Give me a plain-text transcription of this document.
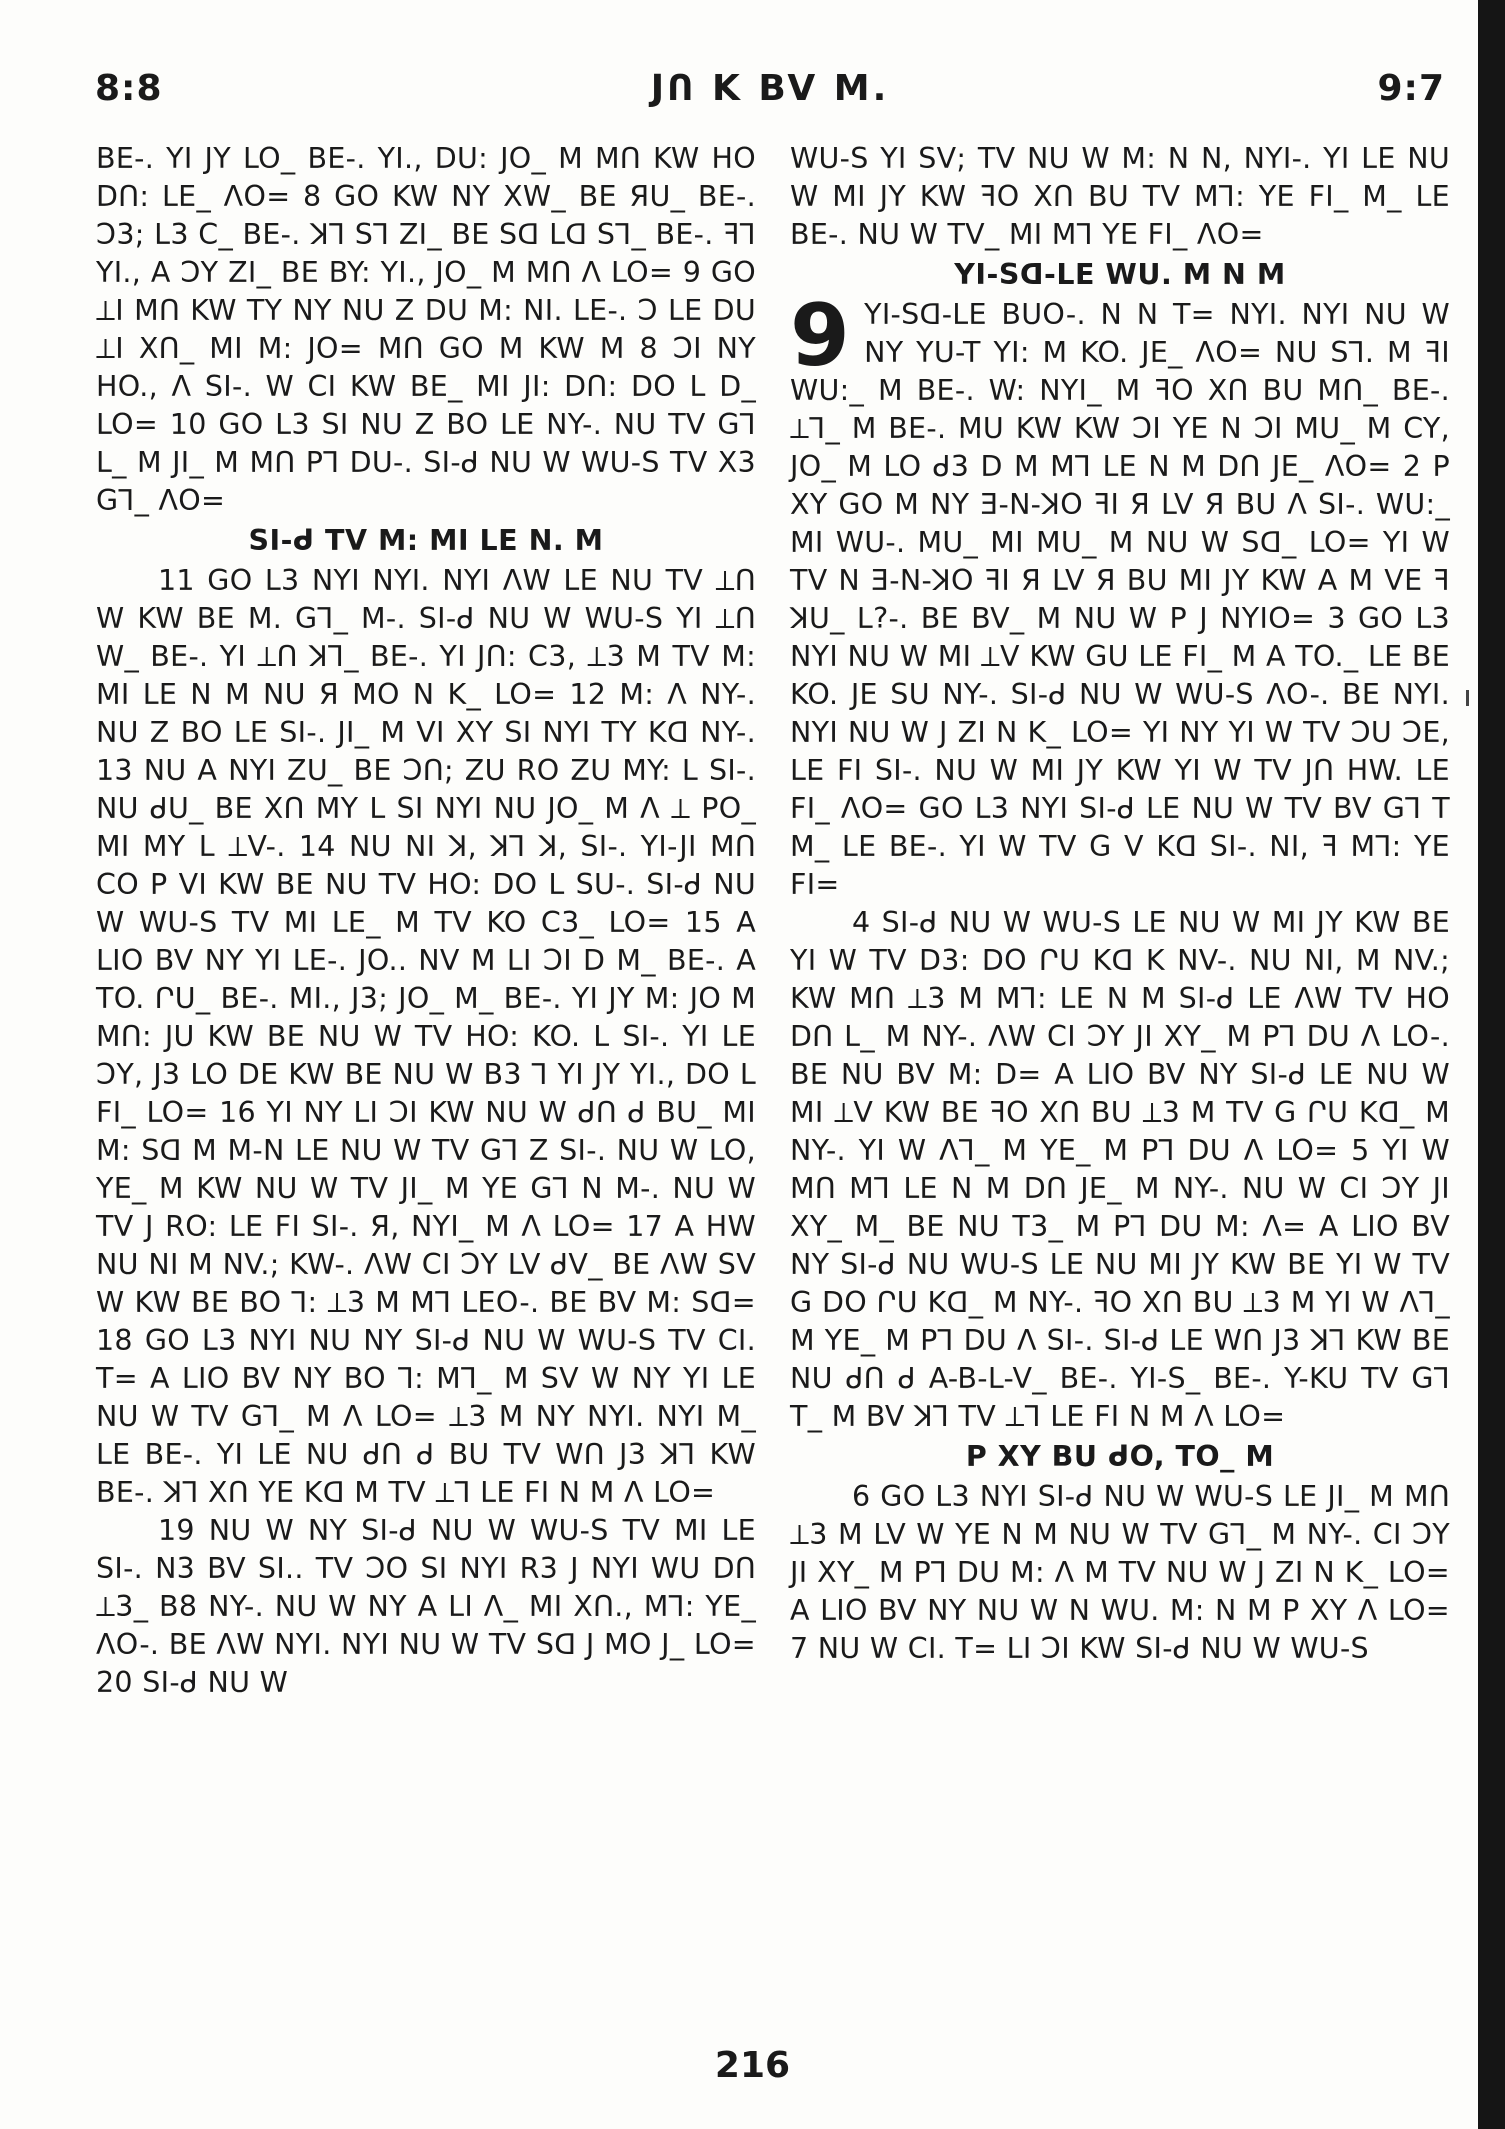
8:8	JՈ K BV M.	9:7

BE-. YI JY LO_ BE-. YI., DU: JO_ M MՈ KW HO DՈ: LE_ ΛO= 8 GO KW NY XW_ BE ЯU_ BE-. Ɔ3; L3 C_ BE-. ꓘ⅂ S⅂ ZI_ BE Sꓷ Lꓷ S⅂_ BE-. ꟻ⅂ YI., A ƆY ZI_ BE BY: YI., JO_ M MՈ Λ LO= 9 GO ⟂I MՈ KW TY NY NU Z DU M: NI. LE-. Ɔ LE DU ⟂I XՈ_ MI M: JO= MՈ GO M KW M 8 ƆI NY HO., Λ SI-. W CI KW BE_ MI JI: DՈ: DO L D_ LO= 10 GO L3 SI NU Z BO LE NY-. NU TV G⅂ L_ M JI_ M MՈ P⅂ DU-. SI-ᑯ NU W WU-S TV X3 G⅂_ ΛO=

SI-ᑯ TV M: MI LE N. M

11 GO L3 NYI NYI. NYI ΛW LE NU TV ⟂Ո W KW BE M. G⅂_ M-. SI-ᑯ NU W WU-S YI ⟂Ո W_ BE-. YI ⟂Ո ꓘ⅂_ BE-. YI JՈ: C3, ⟂3 M TV M: MI LE N M NU Я MO N K_ LO= 12 M: Λ NY-. NU Z BO LE SI-. JI_ M VI XY SI NYI TY Kꓷ NY-. 13 NU A NYI ZU_ BE ƆՈ; ZU RO ZU MY: L SI-. NU ᑯU_ BE XՈ MY L SI NYI NU JO_ M Λ ⟂ PO_ MI MY L ⟂V-. 14 NU NI ꓘ, ꓘ⅂ ꓘ, SI-. YI-JI MՈ CO P VI KW BE NU TV HO: DO L SU-. SI-ᑯ NU W WU-S TV MI LE_ M TV KO C3_ LO= 15 A LIO BV NY YI LE-. JO.. NV M LI ƆI D M_ BE-. A TO. ՐU_ BE-. MI., J3; JO_ M_ BE-. YI JY M: JO M MՈ: JU KW BE NU W TV HO: KO. L SI-. YI LE ƆY, J3 LO DE KW BE NU W B3 ⅂ YI JY YI., DO L FI_ LO= 16 YI NY LI ƆI KW NU W ᑯՈ ᑯ BU_ MI M: Sꓷ M M-N LE NU W TV G⅂ Z SI-. NU W LO, YE_ M KW NU W TV JI_ M YE G⅂ N M-. NU W TV J RO: LE FI SI-. Я, NYI_ M Λ LO= 17 A HW NU NI M NV.; KW-. ΛW CI ƆY LV ᑯV_ BE ΛW SV W KW BE BO ⅂: ⟂3 M M⅂ LEO-. BE BV M: Sꓷ= 18 GO L3 NYI NU NY SI-ᑯ NU W WU-S TV CI. T= A LIO BV NY BO ⅂: M⅂_ M SV W NY YI LE NU W TV G⅂_ M Λ LO= ⟂3 M NY NYI. NYI M_ LE BE-. YI LE NU ᑯՈ ᑯ BU TV WՈ J3 ꓘ⅂ KW BE-. ꓘ⅂ XՈ YE Kꓷ M TV ⟂⅂ LE FI N M Λ LO=

19 NU W NY SI-ᑯ NU W WU-S TV MI LE SI-. N3 BV SI.. TV ƆO SI NYI R3 J NYI WU DՈ ⟂3_ B8 NY-. NU W NY A LI Λ_ MI XՈ., M⅂: YE_ ΛO-. BE ΛW NYI. NYI NU W TV Sꓷ J MO J_ LO= 20 SI-ᑯ NU W

WU-S YI SV; TV NU W M: N N, NYI-. YI LE NU W MI JY KW ꟻO XՈ BU TV M⅂: YE FI_ M_ LE BE-. NU W TV_ MI M⅂ YE FI_ ΛO=

YI-Sꓷ-LE WU. M N M

9 YI-Sꓷ-LE BUO-. N N T= NYI. NYI NU W NY YU-T YI: M KO. JE_ ΛO= NU S⅂. M ꟻI WU:_ M BE-. W: NYI_ M ꟻO XՈ BU MՈ_ BE-. ⟂⅂_ M BE-. MU KW KW ƆI YE N ƆI MU_ M CY, JO_ M LO ᑯ3 D M M⅂ LE N M DՈ JE_ ΛO= 2 P XY GO M NY Ǝ-N-ꓘO ꟻI Я LV Я BU Λ SI-. WU:_ MI WU-. MU_ MI MU_ M NU W Sꓷ_ LO= YI W TV N Ǝ-N-ꓘO ꟻI Я LV Я BU MI JY KW A M VE ꟻ ꓘU_ L?-. BE BV_ M NU W P J NYIO= 3 GO L3 NYI NU W MI ⟂V KW GU LE FI_ M A TO._ LE BE KO. JE SU NY-. SI-ᑯ NU W WU-S ΛO-. BE NYI. NYI NU W J ZI N K_ LO= YI NY YI W TV ƆU ƆE, LE FI SI-. NU W MI JY KW YI W TV JՈ HW. LE FI_ ΛO= GO L3 NYI SI-ᑯ LE NU W TV BV G⅂ T M_ LE BE-. YI W TV G V Kꓷ SI-. NI, ꟻ M⅂: YE FI=

4 SI-ᑯ NU W WU-S LE NU W MI JY KW BE YI W TV D3: DO ՐU Kꓷ K NV-. NU NI, M NV.; KW MՈ ⟂3 M M⅂: LE N M SI-ᑯ LE ΛW TV HO DՈ L_ M NY-. ΛW CI ƆY JI XY_ M P⅂ DU Λ LO-. BE NU BV M: D= A LIO BV NY SI-ᑯ LE NU W MI ⟂V KW BE ꟻO XՈ BU ⟂3 M TV G ՐU Kꓷ_ M NY-. YI W Λ⅂_ M YE_ M P⅂ DU Λ LO= 5 YI W MՈ M⅂ LE N M DՈ JE_ M NY-. NU W CI ƆY JI XY_ M_ BE NU T3_ M P⅂ DU M: Λ= A LIO BV NY SI-ᑯ NU WU-S LE NU MI JY KW BE YI W TV G DO ՐU Kꓷ_ M NY-. ꟻO XՈ BU ⟂3 M YI W Λ⅂_ M YE_ M P⅂ DU Λ SI-. SI-ᑯ LE WՈ J3 ꓘ⅂ KW BE NU ᑯՈ ᑯ A-B-L-V_ BE-. YI-S_ BE-. Y-KU TV G⅂ T_ M BV ꓘ⅂ TV ⟂⅂ LE FI N M Λ LO=

P XY BU ᑯO, TO_ M

6 GO L3 NYI SI-ᑯ NU W WU-S LE JI_ M MՈ ⟂3 M LV W YE N M NU W TV G⅂_ M NY-. CI ƆY JI XY_ M P⅂ DU M: Λ M TV NU W J ZI N K_ LO= A LIO BV NY NU W N WU. M: N M P XY Λ LO= 7 NU W CI. T= LI ƆI KW SI-ᑯ NU W WU-S

216
